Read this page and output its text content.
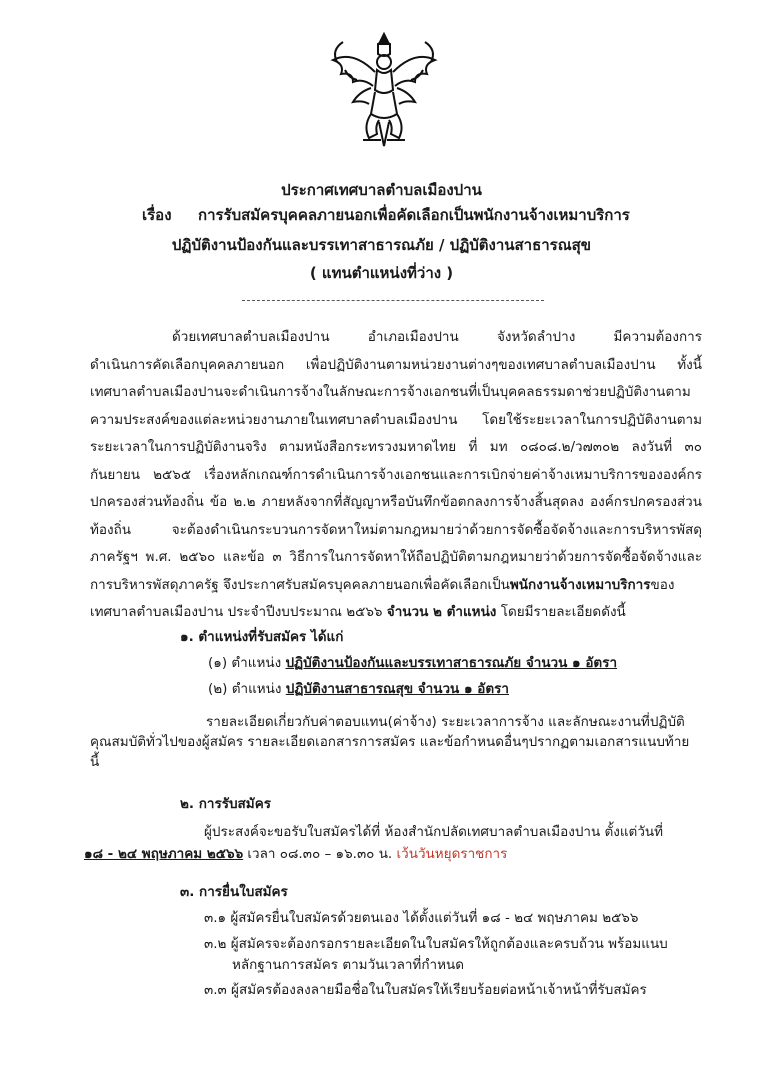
ประกาศเทศบาลตำบลเมืองปาน
เรื่อง การรับสมัครบุคคลภายนอกเพื่อคัดเลือกเป็นพนักงานจ้างเหมาบริการ
ปฏิบัติงานป้องกันและบรรเทาสาธารณภัย / ปฏิบัติงานสาธารณสุข
( แทนตำแหน่งที่ว่าง )

ด้วยเทศบาลตำบลเมืองปาน อำเภอเมืองปาน จังหวัดลำปาง มีความต้องการ

ดำเนินการคัดเลือกบุคคลภายนอก เพื่อปฏิบัติงานตามหน่วยงานต่างๆของเทศบาลตำบลเมืองปาน ทั้งนี้

เทศบาลตำบลเมืองปานจะดำเนินการจ้างในลักษณะการจ้างเอกชนที่เป็นบุคคลธรรมดาช่วยปฏิบัติงานตาม

ความประสงค์ของแต่ละหน่วยงานภายในเทศบาลตำบลเมืองปาน โดยใช้ระยะเวลาในการปฏิบัติงานตาม

ระยะเวลาในการปฏิบัติงานจริง ตามหนังสือกระทรวงมหาดไทย ที่ มท ๐๘๐๘.๒/ว๗๓๐๒ ลงวันที่ ๓๐

กันยายน ๒๕๖๕ เรื่องหลักเกณฑ์การดำเนินการจ้างเอกชนและการเบิกจ่ายค่าจ้างเหมาบริการขององค์กร

ปกครองส่วนท้องถิ่น ข้อ ๒.๒ ภายหลังจากที่สัญญาหรือบันทึกข้อตกลงการจ้างสิ้นสุดลง องค์กรปกครองส่วน

ท้องถิ่น จะต้องดำเนินกระบวนการจัดหาใหม่ตามกฎหมายว่าด้วยการจัดซื้อจัดจ้างและการบริหารพัสดุ

ภาครัฐฯ พ.ศ. ๒๕๖๐ และข้อ ๓ วิธีการในการจัดหาให้ถือปฏิบัติตามกฎหมายว่าด้วยการจัดซื้อจัดจ้างและ

การบริหารพัสดุภาครัฐ จึงประกาศรับสมัครบุคคลภายนอกเพื่อคัดเลือกเป็นพนักงานจ้างเหมาบริการของ

เทศบาลตำบลเมืองปาน ประจำปีงบประมาณ ๒๕๖๖ จำนวน ๒ ตำแหน่ง โดยมีรายละเอียดดังนี้

๑. ตำแหน่งที่รับสมัคร ได้แก่
(๑) ตำแหน่ง ปฏิบัติงานป้องกันและบรรเทาสาธารณภัย จำนวน ๑ อัตรา
(๒) ตำแหน่ง ปฏิบัติงานสาธารณสุข จำนวน ๑ อัตรา

รายละเอียดเกี่ยวกับค่าตอบแทน(ค่าจ้าง) ระยะเวลาการจ้าง และลักษณะงานที่ปฏิบัติ

คุณสมบัติทั่วไปของผู้สมัคร รายละเอียดเอกสารการสมัคร และข้อกำหนดอื่นๆปรากฏตามเอกสารแนบท้าย

นี้

๒. การรับสมัคร
ผู้ประสงค์จะขอรับใบสมัครได้ที่ ห้องสำนักปลัดเทศบาลตำบลเมืองปาน ตั้งแต่วันที่
๑๘ - ๒๔ พฤษภาคม ๒๕๖๖ เวลา ๐๘.๓๐ – ๑๖.๓๐ น. เว้นวันหยุดราชการ
๓. การยื่นใบสมัคร
๓.๑ ผู้สมัครยื่นใบสมัครด้วยตนเอง ได้ตั้งแต่วันที่ ๑๘ - ๒๔ พฤษภาคม ๒๕๖๖
๓.๒ ผู้สมัครจะต้องกรอกรายละเอียดในใบสมัครให้ถูกต้องและครบถ้วน พร้อมแนบ
หลักฐานการสมัคร ตามวันเวลาที่กำหนด
๓.๓ ผู้สมัครต้องลงลายมือชื่อในใบสมัครให้เรียบร้อยต่อหน้าเจ้าหน้าที่รับสมัคร
